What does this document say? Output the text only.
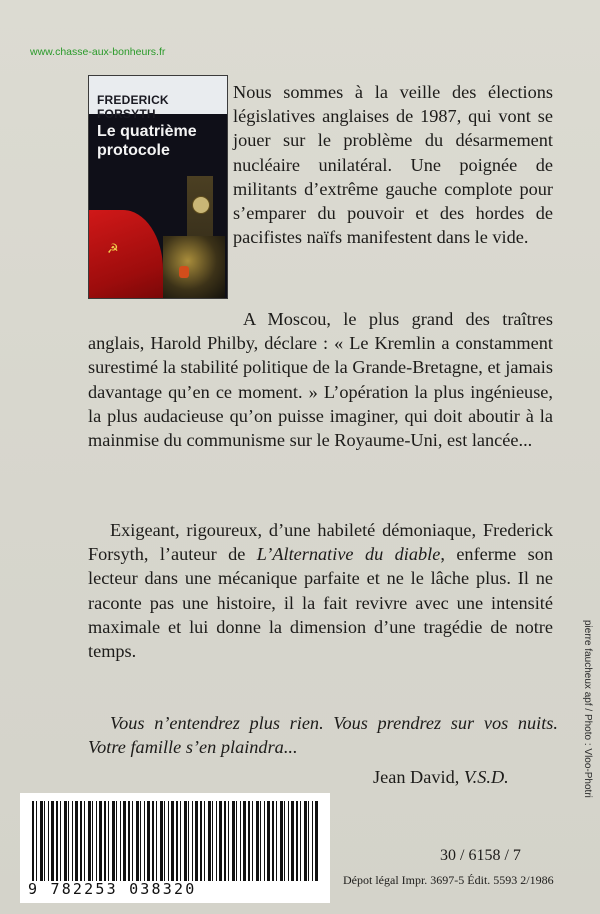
www.chasse-aux-bonheurs.fr
FREDERICK FORSYTH
Le quatrième protocole
☭
Nous sommes à la veille des élections législatives anglaises de 1987, qui vont se jouer sur le problème du désarmement nucléaire unilatéral. Une poignée de militants d’extrême gauche complote pour s’emparer du pouvoir et des hordes de pacifistes naïfs manifestent dans le vide.
A Moscou, le plus grand des traîtres anglais, Harold Philby, déclare : « Le Kremlin a constamment surestimé la stabilité politique de la Grande-Bretagne, et jamais davantage qu’en ce moment. » L’opération la plus ingénieuse, la plus audacieuse qu’on puisse imaginer, qui doit aboutir à la mainmise du communisme sur le Royaume-Uni, est lancée...
Exigeant, rigoureux, d’une habileté démoniaque, Frederick Forsyth, l’auteur de L’Alternative du diable, enferme son lecteur dans une mécanique parfaite et ne le lâche plus. Il ne raconte pas une histoire, il la fait revivre avec une intensité maximale et lui donne la dimension d’une tragédie de notre temps.
Vous n’entendrez plus rien. Vous prendrez sur vos nuits. Votre famille s’en plaindra...
Jean David, V.S.D.
9 782253 038320
30 / 6158 / 7
Dépot légal Impr. 3697-5 Édit. 5593 2/1986
pierre faucheux apf / Photo : Vloo-Photri
